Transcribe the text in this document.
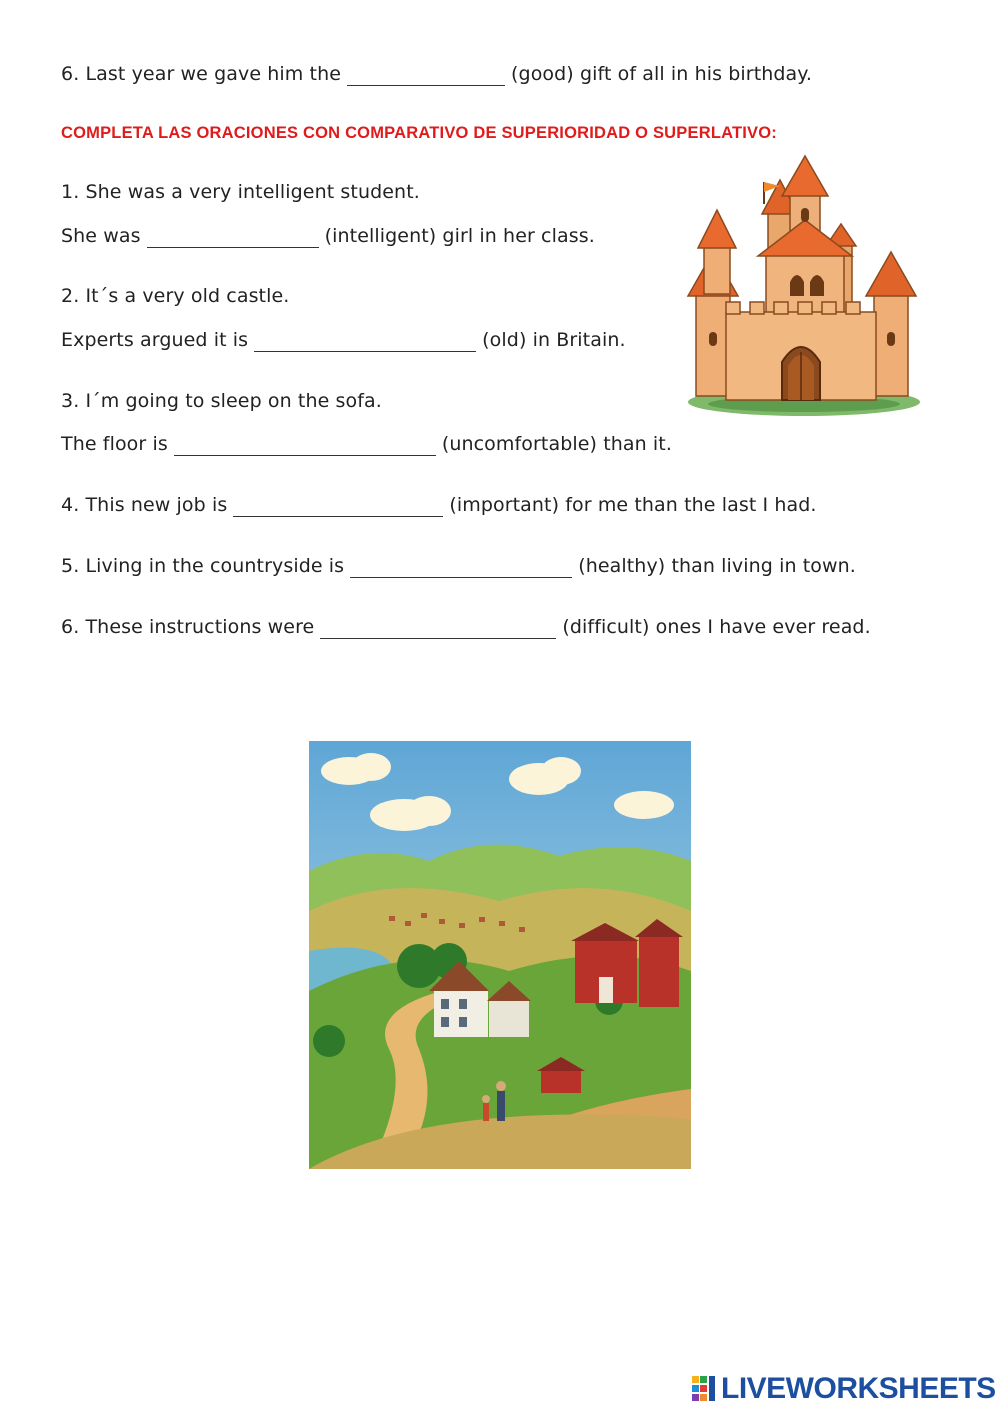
6. Last year we gave him the	(good) gift of all in his birthday.
COMPLETA LAS ORACIONES CON COMPARATIVO DE SUPERIORIDAD O SUPERLATIVO:
1. She was a very intelligent student.
She was	(intelligent) girl in her class.
2. It´s a very old castle.
Experts argued it is	(old) in Britain.
3. I´m going to sleep on the sofa.
The floor is	(uncomfortable) than it.
4. This new job is	(important) for me than the last I had.
5. Living in the countryside is	(healthy) than living in town.
6. These instructions were	(difficult) ones I have ever read.
LIVEWORKSHEETS
